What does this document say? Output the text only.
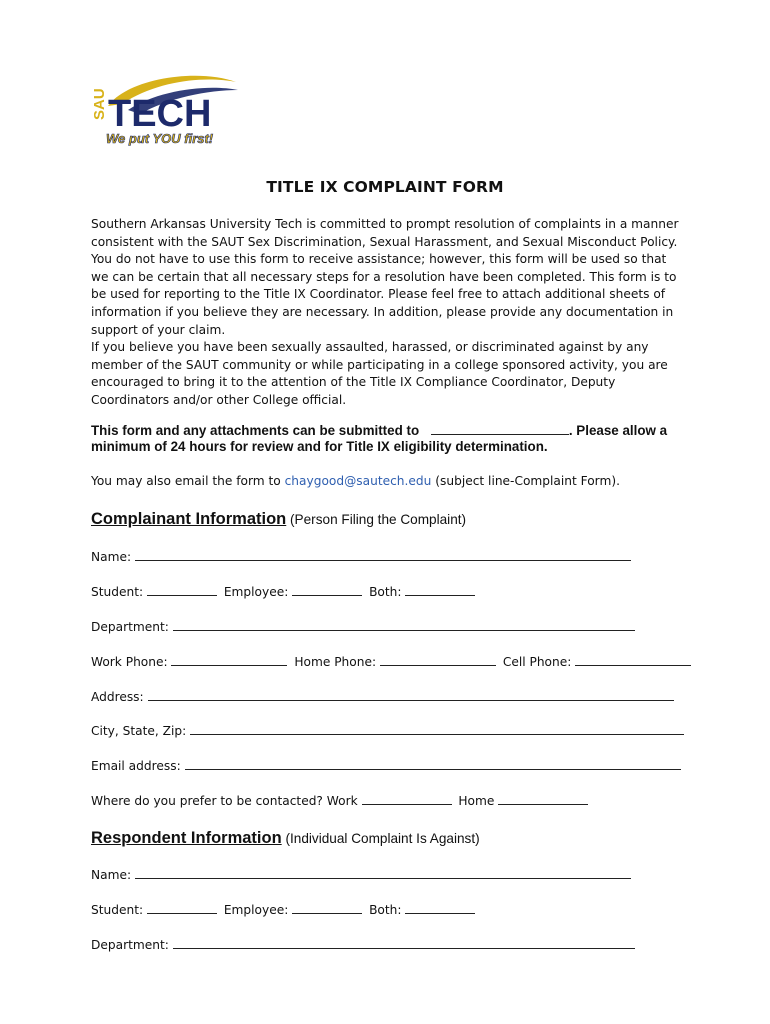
SAU TECH
We put YOU first!
TITLE IX COMPLAINT FORM
Southern Arkansas University Tech is committed to prompt resolution of complaints in a manner consistent with the SAUT Sex Discrimination, Sexual Harassment, and Sexual Misconduct Policy. You do not have to use this form to receive assistance; however, this form will be used so that we can be certain that all necessary steps for a resolution have been completed. This form is to be used for reporting to the Title IX Coordinator. Please feel free to attach additional sheets of information if you believe they are necessary. In addition, please provide any documentation in support of your claim.
If you believe you have been sexually assaulted, harassed, or discriminated against by any member of the SAUT community or while participating in a college sponsored activity, you are encouraged to bring it to the attention of the Title IX Compliance Coordinator, Deputy Coordinators and/or other College official.
This form and any attachments can be submitted to	. Please allow a minimum of 24 hours for review and for Title IX eligibility determination.
You may also email the form to chaygood@sautech.edu (subject line-Complaint Form).
Complainant Information (Person Filing the Complaint)
Name:
Student:	Employee:	Both:
Department:
Work Phone:	Home Phone:	Cell Phone:
Address:
City, State, Zip:
Email address:
Where do you prefer to be contacted? Work	Home
Respondent Information (Individual Complaint Is Against)
Name:
Student:	Employee:	Both:
Department:
